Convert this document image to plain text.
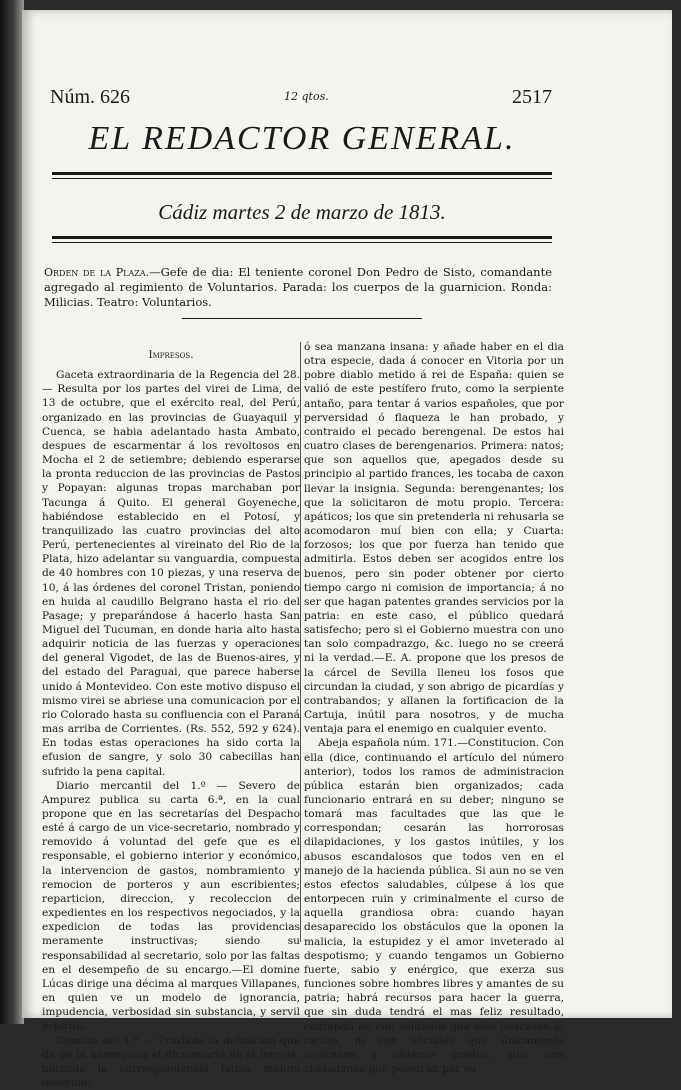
Núm. 626	12 qtos.	2517
EL REDACTOR GENERAL.
Cádiz martes 2 de marzo de 1813.
Orden de la Plaza.—Gefe de dia: El teniente coronel Don Pedro de Sisto, comandante agregado al regimiento de Voluntarios. Parada: los cuerpos de la guarnicion. Ronda: Milicias. Teatro: Voluntarios.
Impresos.

Gaceta extraordinaria de la Regencia del 28.— Resulta por los partes del virei de Lima, de 13 de octubre, que el exército real, del Perú, organizado en las provincias de Guayaquil y Cuenca, se habia adelantado hasta Ambato, despues de escarmentar á los revoltosos en Mocha el 2 de setiembre; debiendo esperarse la pronta reduccion de las provincias de Pastos y Popayan: algunas tropas marchaban por Tacunga á Quito. El general Goyeneche, habiéndose establecido en el Potosí, y tranquilizado las cuatro provincias del alto Perú, pertenecientes al vireinato del Rio de la Plata, hizo adelantar su vanguardia, compuesta de 40 hombres con 10 piezas, y una reserva de 10, á las órdenes del coronel Tristan, poniendo en huida al caudillo Belgrano hasta el rio del Pasage; y preparándose á hacerlo hasta San Miguel del Tucuman, en donde haria alto hasta adquirir noticia de las fuerzas y operaciones del general Vigodet, de las de Buenos-aires, y del estado del Paraguai, que parece haberse unido á Montevideo. Con este motivo dispuso el mismo virei se abriese una comunicacion por el rio Colorado hasta su confluencia con el Paraná mas arriba de Corrientes. (Rs. 552, 592 y 624). En todas estas operaciones ha sido corta la efusion de sangre, y solo 30 cabecillas han sufrido la pena capital.

Diario mercantil del 1.º — Severo de Ampurez publica su carta 6.ª, en la cual propone que en las secretarías del Despacho esté á cargo de un vice-secretario, nombrado y removido á voluntad del gefe que es el responsable, el gobierno interior y económico, la intervencion de gastos, nombramiento y remocion de porteros y aun escribientes; reparticion, direccion, y recoleccion de expedientes en los respectivos negociados, y la expedicion de todas las providencias meramente instructivas; siendo su responsabilidad al secretario, solo por las faltas en el desempeño de su encargo.—El domine Lúcas dirige una décima al marques Villapanes, en quien ve un modelo de ignorancia, impudencia, verbosidad sin substancia, y servil espíritu.

Conciso del 1.º — Traslada la definicion que da de la berengena el diccionario de la lengua, notando la correspondencia latina malum insanum,

ó sea manzana insana: y añade haber en el dia otra especie, dada á conocer en Vitoria por un pobre diablo metido á rei de España: quien se valió de este pestífero fruto, como la serpiente antaño, para tentar á varios españoles, que por perversidad ó flaqueza le han probado, y contraido el pecado berengenal. De estos hai cuatro clases de berengenarios. Primera: natos; que son aquellos que, apegados desde su principio al partido frances, les tocaba de caxon llevar la insignia. Segunda: berengenantes; los que la solicitaron de motu propio. Tercera: apáticos; los que sin pretenderla ni rehusarla se acomodaron muí bien con ella; y Cuarta: forzosos; los que por fuerza han tenido que admitirla. Estos deben ser acogidos entre los buenos, pero sin poder obtener por cierto tiempo cargo ni comision de importancia; á no ser que hagan patentes grandes servicios por la patria: en este caso, el público quedará satisfecho; pero si el Gobierno muestra con uno tan solo compadrazgo, &c. luego no se creerá ni la verdad.—E. A. propone que los presos de la cárcel de Sevilla lleneu los fosos que circundan la ciudad, y son abrigo de picardías y contrabandos; y allanen la fortificacion de la Cartuja, inútil para nosotros, y de mucha ventaja para el enemigo en cualquier evento.

Abeja española núm. 171.—Constitucion. Con ella (dice, continuando el artículo del número anterior), todos los ramos de administracion pública estarán bien organizados; cada funcionario entrará en su deber; ninguno se tomará mas facultades que las que le correspondan; cesarán las horrorosas dilapidaciones, y los gastos inútiles, y los abusos escandalosos que todos ven en el manejo de la hacienda pública. Si aun no se ven estos efectos saludables, cúlpese á los que entorpecen ruin y criminalmente el curso de aquella grandiosa obra: cuando hayan desaparecido los obstáculos que la oponen la malicia, la estupidez y el amor inveterado al despotismo; y cuando tengamos un Gobierno fuerte, sabio y enérgico, que exerza sus funciones sobre hombres libres y amantes de su patria; habrá recursos para hacer la guerra, que sin duda tendrá el mas feliz resultado, contando no con soldados que solo buscasen la racion, ni con oficiales que únicamente aspirasen á obtener grados; sino con ciudadanos que pelearán por su
